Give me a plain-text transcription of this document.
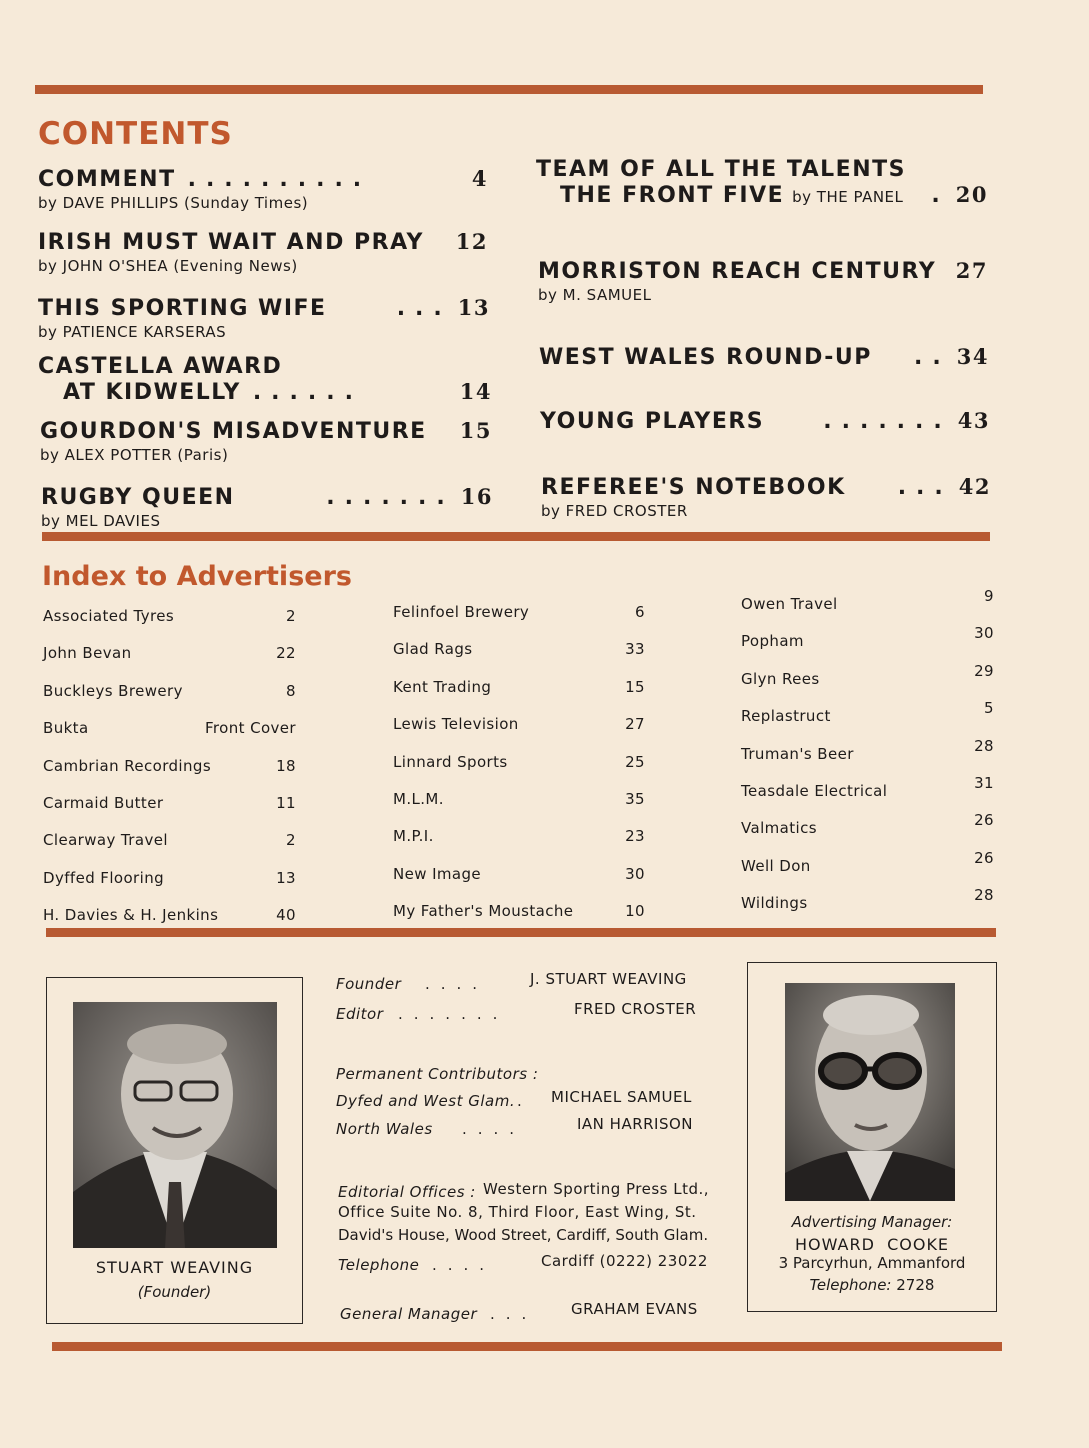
CONTENTS
COMMENT ..........	4
by DAVE PHILLIPS (Sunday Times)
IRISH MUST WAIT AND PRAY 12
by JOHN O'SHEA (Evening News)
THIS SPORTING WIFE	... 13
by PATIENCE KARSERAS
CASTELLA AWARD
AT KIDWELLY ......	14
GOURDON'S MISADVENTURE 15
by ALEX POTTER (Paris)
RUGBY QUEEN	....... 16
by MEL DAVIES
TEAM OF ALL THE TALENTS
THE FRONT FIVE by THE PANEL	. 20
MORRISTON REACH CENTURY 27
by M. SAMUEL
WEST WALES ROUND-UP	.. 34
YOUNG PLAYERS	....... 43
REFEREE'S NOTEBOOK	... 42
by FRED CROSTER
Index to Advertisers
Associated Tyres	2
John Bevan	22
Buckleys Brewery	8
Bukta	Front Cover
Cambrian Recordings	18
Carmaid Butter	11
Clearway Travel	2
Dyffed Flooring	13
H. Davies & H. Jenkins	40
Felinfoel Brewery	6
Glad Rags	33
Kent Trading	15
Lewis Television	27
Linnard Sports	25
M.L.M.	35
M.P.I.	23
New Image	30
My Father's Moustache	10
Owen Travel	9
Popham	30
Glyn Rees	29
Replastruct	5
Truman's Beer	28
Teasdale Electrical	31
Valmatics	26
Well Don	26
Wildings	28
STUART WEAVING
(Founder)
Founder ....	J. STUART WEAVING
Editor .......	FRED CROSTER
Permanent Contributors :
Dyfed and West Glam. . MICHAEL SAMUEL
North Wales ....	IAN HARRISON
Editorial Offices : Western Sporting Press Ltd.,
Office Suite No. 8, Third Floor, East Wing, St.
David's House, Wood Street, Cardiff, South Glam.
Telephone ....	Cardiff (0222) 23022
General Manager ... GRAHAM EVANS
Advertising Manager:
HOWARD  COOKE
3 Parcyrhun, Ammanford
Telephone: 2728
